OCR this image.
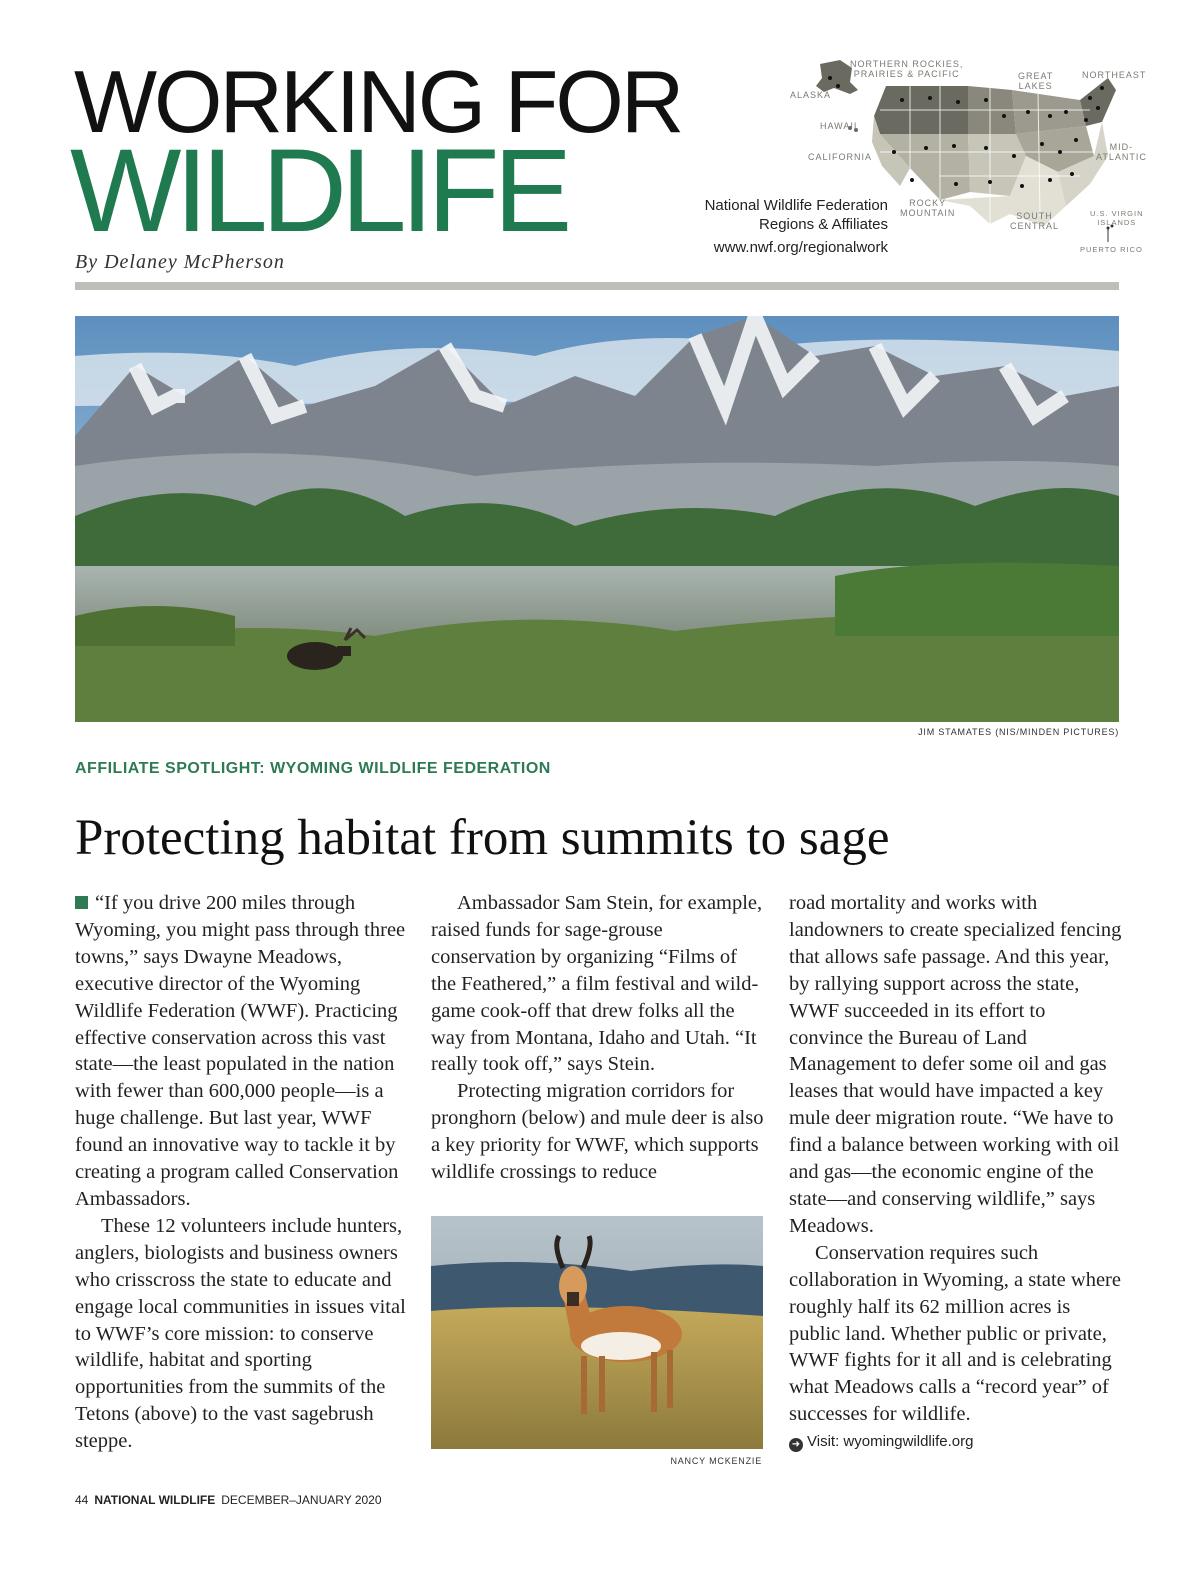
WORKING FOR
WILDLIFE
By Delaney McPherson
National Wildlife Federation
Regions & Affiliates
www.nwf.org/regionalwork
NORTHERN ROCKIES,
PRAIRIES & PACIFIC
ALASKA
HAWAII
CALIFORNIA
GREAT
LAKES
NORTHEAST
MID-
ATLANTIC
ROCKY
MOUNTAIN	SOUTH
CENTRAL
U.S. VIRGIN
ISLANDS
PUERTO RICO
JIM STAMATES (NIS/MINDEN PICTURES)
AFFILIATE SPOTLIGHT: WYOMING WILDLIFE FEDERATION
Protecting habitat from summits to sage

“If you drive 200 miles through Wyoming, you might pass through three towns,” says Dwayne Meadows, executive director of the Wyoming Wildlife Federation (WWF). Practicing effective conservation across this vast state—the least populated in the nation with fewer than 600,000 people—is a huge challenge. But last year, WWF found an innovative way to tackle it by creating a program called Conservation Ambassadors.

These 12 volunteers include hunters, anglers, biologists and business owners who crisscross the state to educate and engage local communities in issues vital to WWF’s core mission: to conserve wildlife, habitat and sporting opportunities from the summits of the Tetons (above) to the vast sagebrush steppe.

Ambassador Sam Stein, for example, raised funds for sage-grouse conservation by organizing “Films of the Feathered,” a film festival and wild-game cook-off that drew folks all the way from Montana, Idaho and Utah. “It really took off,” says Stein.

Protecting migration corridors for pronghorn (below) and mule deer is also a key priority for WWF, which supports wildlife crossings to reduce

road mortality and works with landowners to create specialized fencing that allows safe passage. And this year, by rallying support across the state, WWF succeeded in its effort to convince the Bureau of Land Management to defer some oil and gas leases that would have impacted a key mule deer migration route. “We have to find a balance between working with oil and gas—the economic engine of the state—and conserving wildlife,” says Meadows.

Conservation requires such collaboration in Wyoming, a state where roughly half its 62 million acres is public land. Whether public or private, WWF fights for it all and is celebrating what Meadows calls a “record year” of successes for wildlife.

NANCY MCKENZIE
➜ Visit: wyomingwildlife.org
44 NATIONAL WILDLIFE DECEMBER–JANUARY 2020
